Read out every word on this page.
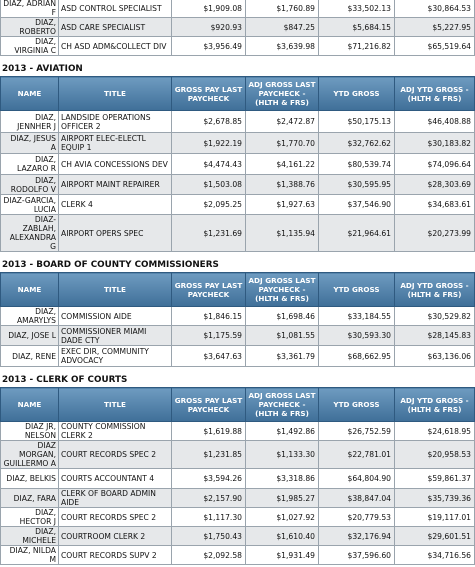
DIAZ, ADRIAN F	ASD CONTROL SPECIALIST	$1,909.08	$1,760.89	$33,502.13	$30,864.53
DIAZ, ROBERTO	ASD CARE SPECIALIST	$920.93	$847.25	$5,684.15	$5,227.95
DIAZ, VIRGINIA C	CH ASD ADM&COLLECT DIV	$3,956.49	$3,639.98	$71,216.82	$65,519.64
2013 - AVIATION
NAME	TITLE	GROSS PAY LAST PAYCHECK	ADJ GROSS LAST PAYCHECK - (HLTH & FRS)	YTD GROSS	ADJ YTD GROSS - (HLTH & FRS)
DIAZ, JENNHER J	LANDSIDE OPERATIONS OFFICER 2	$2,678.85	$2,472.87	$50,175.13	$46,408.88
DIAZ, JESUS A	AIRPORT ELEC-ELECTL EQUIP 1	$1,922.19	$1,770.70	$32,762.62	$30,183.82
DIAZ, LAZARO R	CH AVIA CONCESSIONS DEV	$4,474.43	$4,161.22	$80,539.74	$74,096.64
DIAZ, RODOLFO V	AIRPORT MAINT REPAIRER	$1,503.08	$1,388.76	$30,595.95	$28,303.69
DIAZ-GARCIA, LUCIA	CLERK 4	$2,095.25	$1,927.63	$37,546.90	$34,683.61
DIAZ-ZABLAH, ALEXANDRA G	AIRPORT OPERS SPEC	$1,231.69	$1,135.94	$21,964.61	$20,273.99
2013 - BOARD OF COUNTY COMMISSIONERS
NAME	TITLE	GROSS PAY LAST PAYCHECK	ADJ GROSS LAST PAYCHECK - (HLTH & FRS)	YTD GROSS	ADJ YTD GROSS - (HLTH & FRS)
DIAZ, AMARYLYS	COMMISSION AIDE	$1,846.15	$1,698.46	$33,184.55	$30,529.82
DIAZ, JOSE L	COMMISSIONER MIAMI DADE CTY	$1,175.59	$1,081.55	$30,593.30	$28,145.83
DIAZ, RENE	EXEC DIR, COMMUNITY ADVOCACY	$3,647.63	$3,361.79	$68,662.95	$63,136.06
2013 - CLERK OF COURTS
NAME	TITLE	GROSS PAY LAST PAYCHECK	ADJ GROSS LAST PAYCHECK - (HLTH & FRS)	YTD GROSS	ADJ YTD GROSS - (HLTH & FRS)
DIAZ JR, NELSON	COUNTY COMMISSION CLERK 2	$1,619.88	$1,492.86	$26,752.59	$24,618.95
DIAZ MORGAN, GUILLERMO A	COURT RECORDS SPEC 2	$1,231.85	$1,133.30	$22,781.01	$20,958.53
DIAZ, BELKIS	COURTS ACCOUNTANT 4	$3,594.26	$3,318.86	$64,804.90	$59,861.37
DIAZ, FARA	CLERK OF BOARD ADMIN AIDE	$2,157.90	$1,985.27	$38,847.04	$35,739.36
DIAZ, HECTOR J	COURT RECORDS SPEC 2	$1,117.30	$1,027.92	$20,779.53	$19,117.01
DIAZ, MICHELE	COURTROOM CLERK 2	$1,750.43	$1,610.40	$32,176.94	$29,601.51
DIAZ, NILDA M	COURT RECORDS SUPV 2	$2,092.58	$1,931.49	$37,596.60	$34,716.56
